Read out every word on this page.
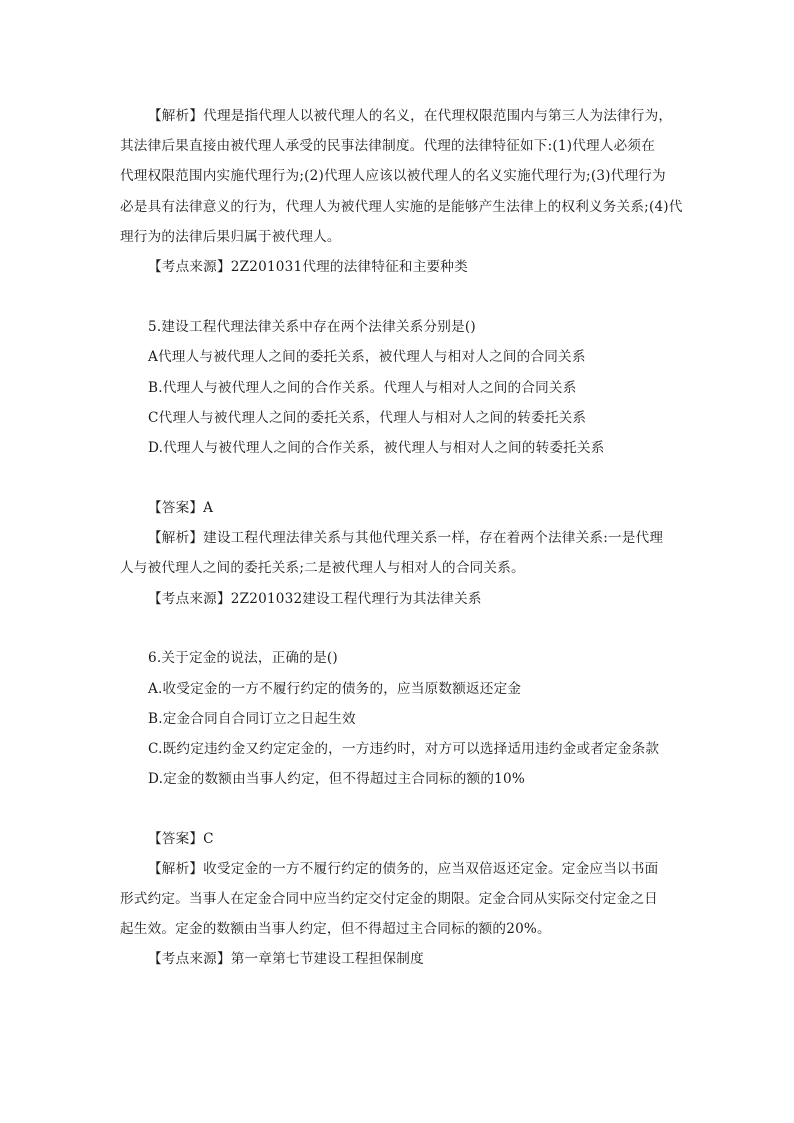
【解析】代理是指代理人以被代理人的名义，在代理权限范围内与第三人为法律行为，
其法律后果直接由被代理人承受的民事法律制度。代理的法律特征如下:(1)代理人必须在
代理权限范围内实施代理行为;(2)代理人应该以被代理人的名义实施代理行为;(3)代理行为
必是具有法律意义的行为，代理人为被代理人实施的是能够产生法律上的权利义务关系;(4)代
理行为的法律后果归属于被代理人。
【考点来源】2Z201031代理的法律特征和主要种类
5.建设工程代理法律关系中存在两个法律关系分别是()
A代理人与被代理人之间的委托关系，被代理人与相对人之间的合同关系
B.代理人与被代理人之间的合作关系。代理人与相对人之间的合同关系
C代理人与被代理人之间的委托关系，代理人与相对人之间的转委托关系
D.代理人与被代理人之间的合作关系，被代理人与相对人之间的转委托关系
【答案】A
【解析】建设工程代理法律关系与其他代理关系一样，存在着两个法律关系:一是代理
人与被代理人之间的委托关系;二是被代理人与相对人的合同关系。
【考点来源】2Z201032建设工程代理行为其法律关系
6.关于定金的说法，正确的是()
A.收受定金的一方不履行约定的债务的，应当原数额返还定金
B.定金合同自合同订立之日起生效
C.既约定违约金又约定定金的，一方违约时，对方可以选择适用违约金或者定金条款
D.定金的数额由当事人约定，但不得超过主合同标的额的10%
【答案】C
【解析】收受定金的一方不履行约定的债务的，应当双倍返还定金。定金应当以书面
形式约定。当事人在定金合同中应当约定交付定金的期限。定金合同从实际交付定金之日
起生效。定金的数额由当事人约定，但不得超过主合同标的额的20%。
【考点来源】第一章第七节建设工程担保制度
